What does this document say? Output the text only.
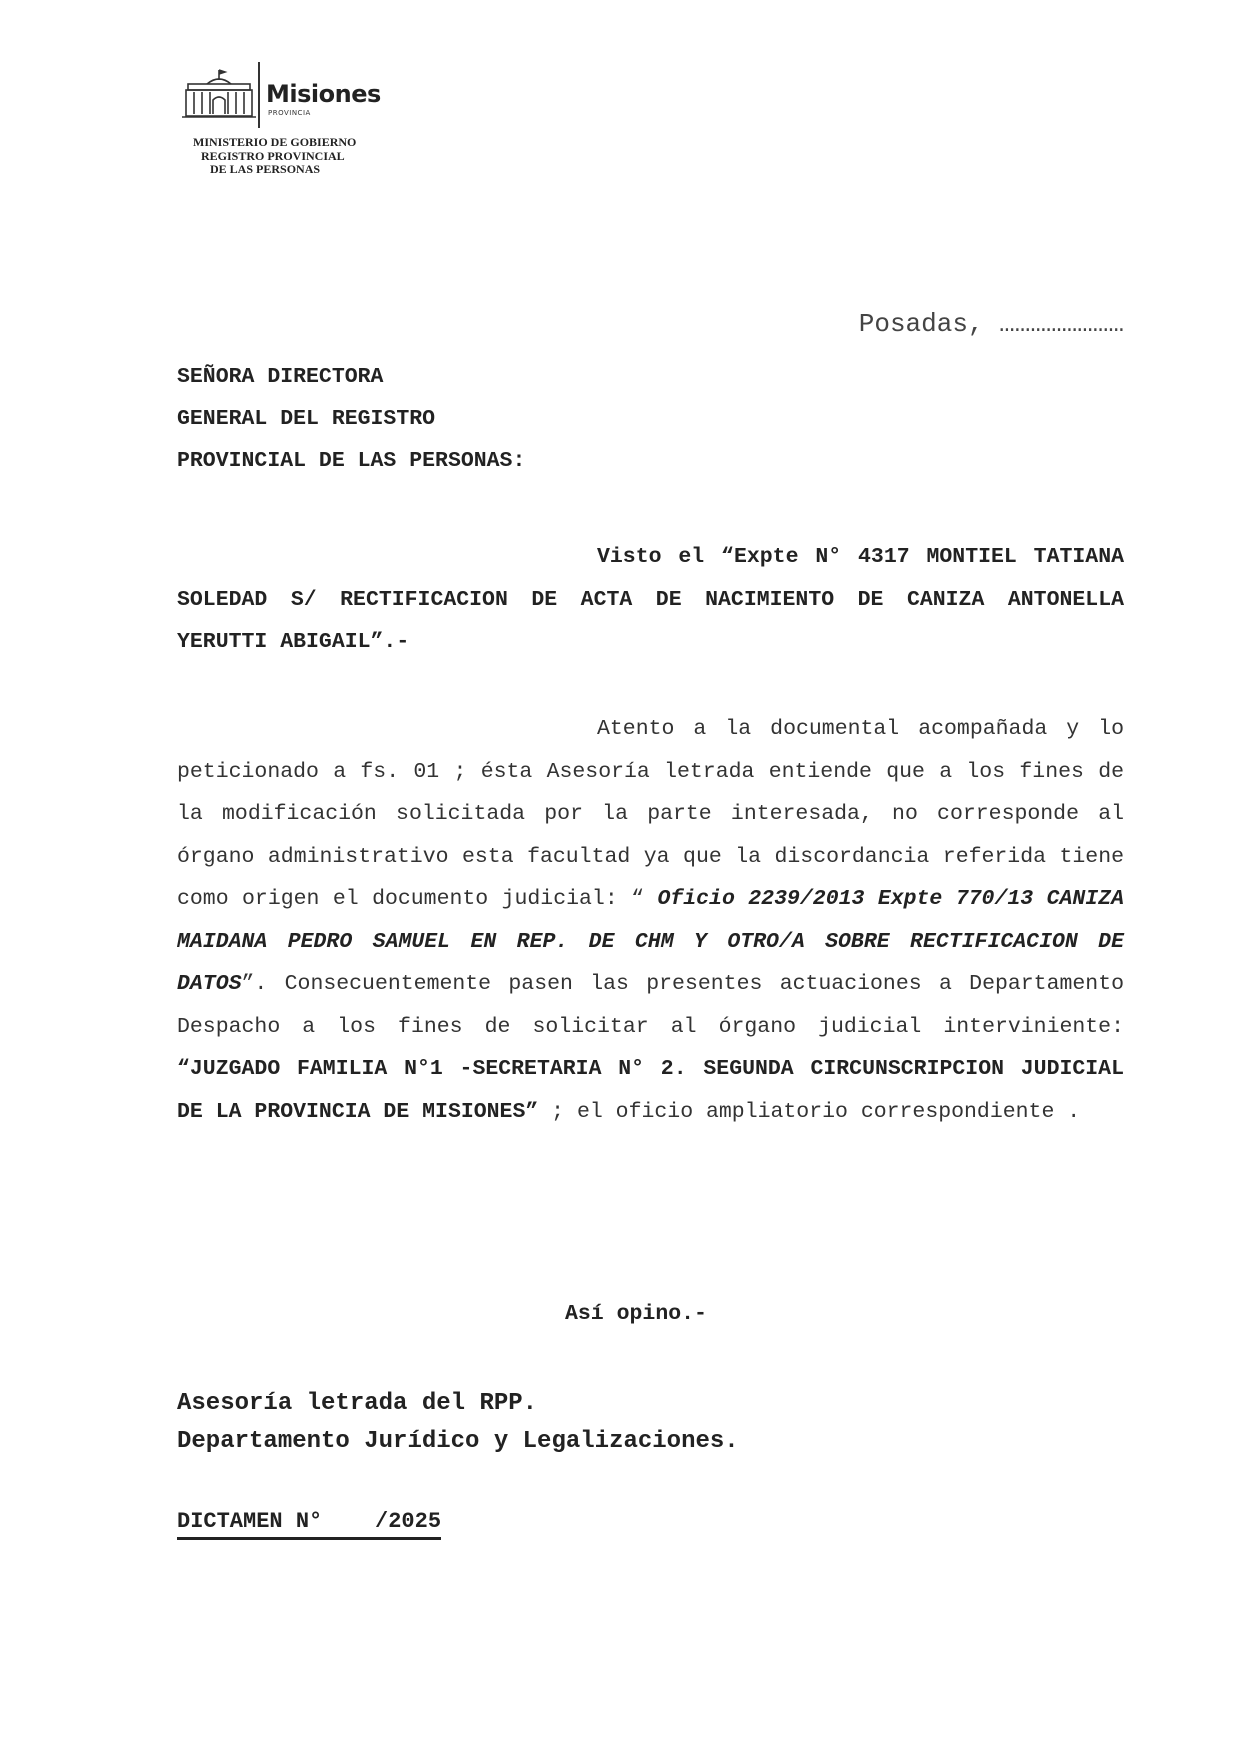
Misiones
PROVINCIA
MINISTERIO DE GOBIERNO
REGISTRO PROVINCIAL
DE LAS PERSONAS
Posadas, ……………………
SEÑORA DIRECTORA
GENERAL DEL REGISTRO
PROVINCIAL DE LAS PERSONAS:
Visto el “Expte N° 4317 MONTIEL TATIANA SOLEDAD S/ RECTIFICACION DE ACTA DE NACIMIENTO DE CANIZA ANTONELLA YERUTTI ABIGAIL”.-
Atento a la documental acompañada y lo peticionado a fs. 01 ; ésta Asesoría letrada entiende que a los fines de la modificación solicitada por la parte interesada, no corresponde al órgano administrativo esta facultad ya que la discordancia referida tiene como origen el documento judicial: “ Oficio 2239/2013 Expte 770/13 CANIZA MAIDANA PEDRO SAMUEL EN REP. DE CHM Y OTRO/A SOBRE RECTIFICACION DE DATOS”. Consecuentemente pasen las presentes actuaciones a Departamento Despacho a los fines de solicitar al órgano judicial interviniente: “JUZGADO FAMILIA N°1 -SECRETARIA N° 2. SEGUNDA CIRCUNSCRIPCION JUDICIAL DE LA PROVINCIA DE MISIONES” ; el oficio ampliatorio correspondiente .
Así opino.-
Asesoría letrada del RPP.
Departamento Jurídico y Legalizaciones.
DICTAMEN N°    /2025
